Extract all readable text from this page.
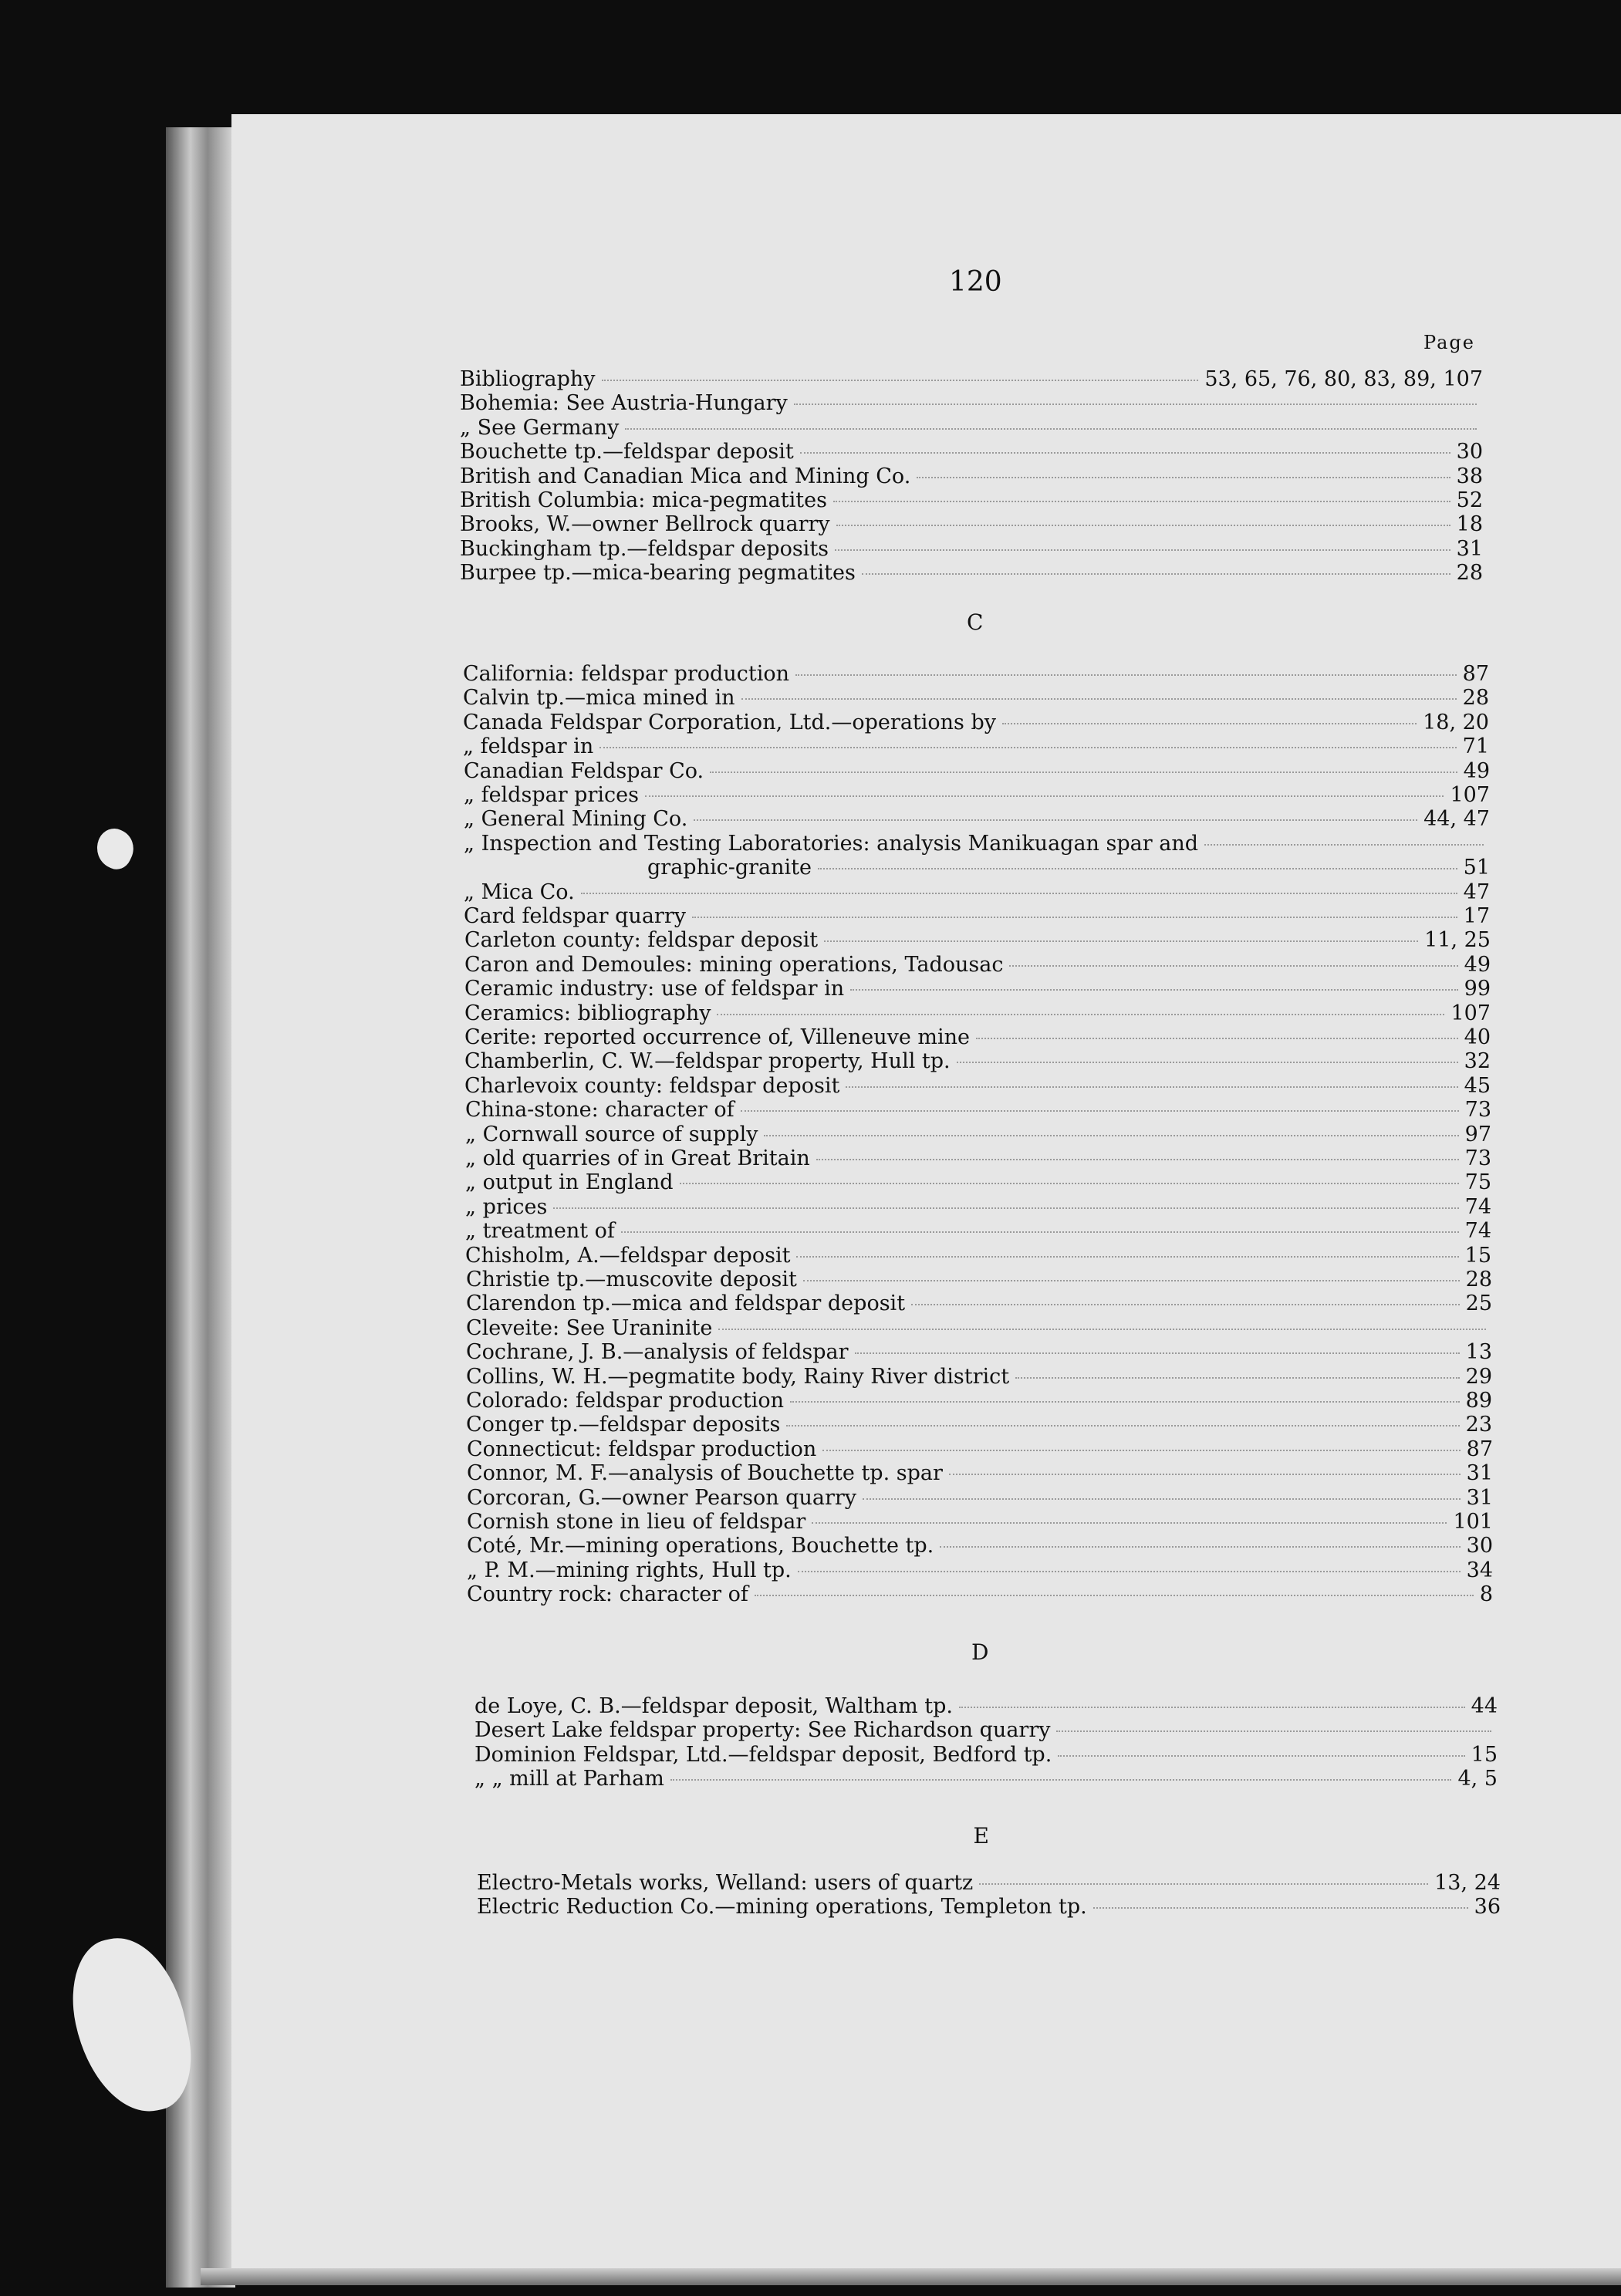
120
Page
Bibliography	53, 65, 76, 80, 83, 89, 107
Bohemia: See Austria-Hungary
„ See Germany
Bouchette tp.—feldspar deposit	30
British and Canadian Mica and Mining Co.	38
British Columbia: mica-pegmatites	52
Brooks, W.—owner Bellrock quarry	18
Buckingham tp.—feldspar deposits	31
Burpee tp.—mica-bearing pegmatites	28
C
California: feldspar production	87
Calvin tp.—mica mined in	28
Canada Feldspar Corporation, Ltd.—operations by	18, 20
„ feldspar in	71
Canadian Feldspar Co.	49
„ feldspar prices	107
„ General Mining Co.	44, 47
„ Inspection and Testing Laboratories: analysis Manikuagan spar and
graphic-granite	51
„ Mica Co.	47
Card feldspar quarry	17
Carleton county: feldspar deposit	11, 25
Caron and Demoules: mining operations, Tadousac	49
Ceramic industry: use of feldspar in	99
Ceramics: bibliography	107
Cerite: reported occurrence of, Villeneuve mine	40
Chamberlin, C. W.—feldspar property, Hull tp.	32
Charlevoix county: feldspar deposit	45
China-stone: character of	73
„ Cornwall source of supply	97
„ old quarries of in Great Britain	73
„ output in England	75
„ prices	74
„ treatment of	74
Chisholm, A.—feldspar deposit	15
Christie tp.—muscovite deposit	28
Clarendon tp.—mica and feldspar deposit	25
Cleveite: See Uraninite
Cochrane, J. B.—analysis of feldspar	13
Collins, W. H.—pegmatite body, Rainy River district	29
Colorado: feldspar production	89
Conger tp.—feldspar deposits	23
Connecticut: feldspar production	87
Connor, M. F.—analysis of Bouchette tp. spar	31
Corcoran, G.—owner Pearson quarry	31
Cornish stone in lieu of feldspar	101
Coté, Mr.—mining operations, Bouchette tp.	30
„ P. M.—mining rights, Hull tp.	34
Country rock: character of	8
D
de Loye, C. B.—feldspar deposit, Waltham tp.	44
Desert Lake feldspar property: See Richardson quarry
Dominion Feldspar, Ltd.—feldspar deposit, Bedford tp.	15
„ „ mill at Parham	4, 5
E
Electro-Metals works, Welland: users of quartz	13, 24
Electric Reduction Co.—mining operations, Templeton tp.	36
